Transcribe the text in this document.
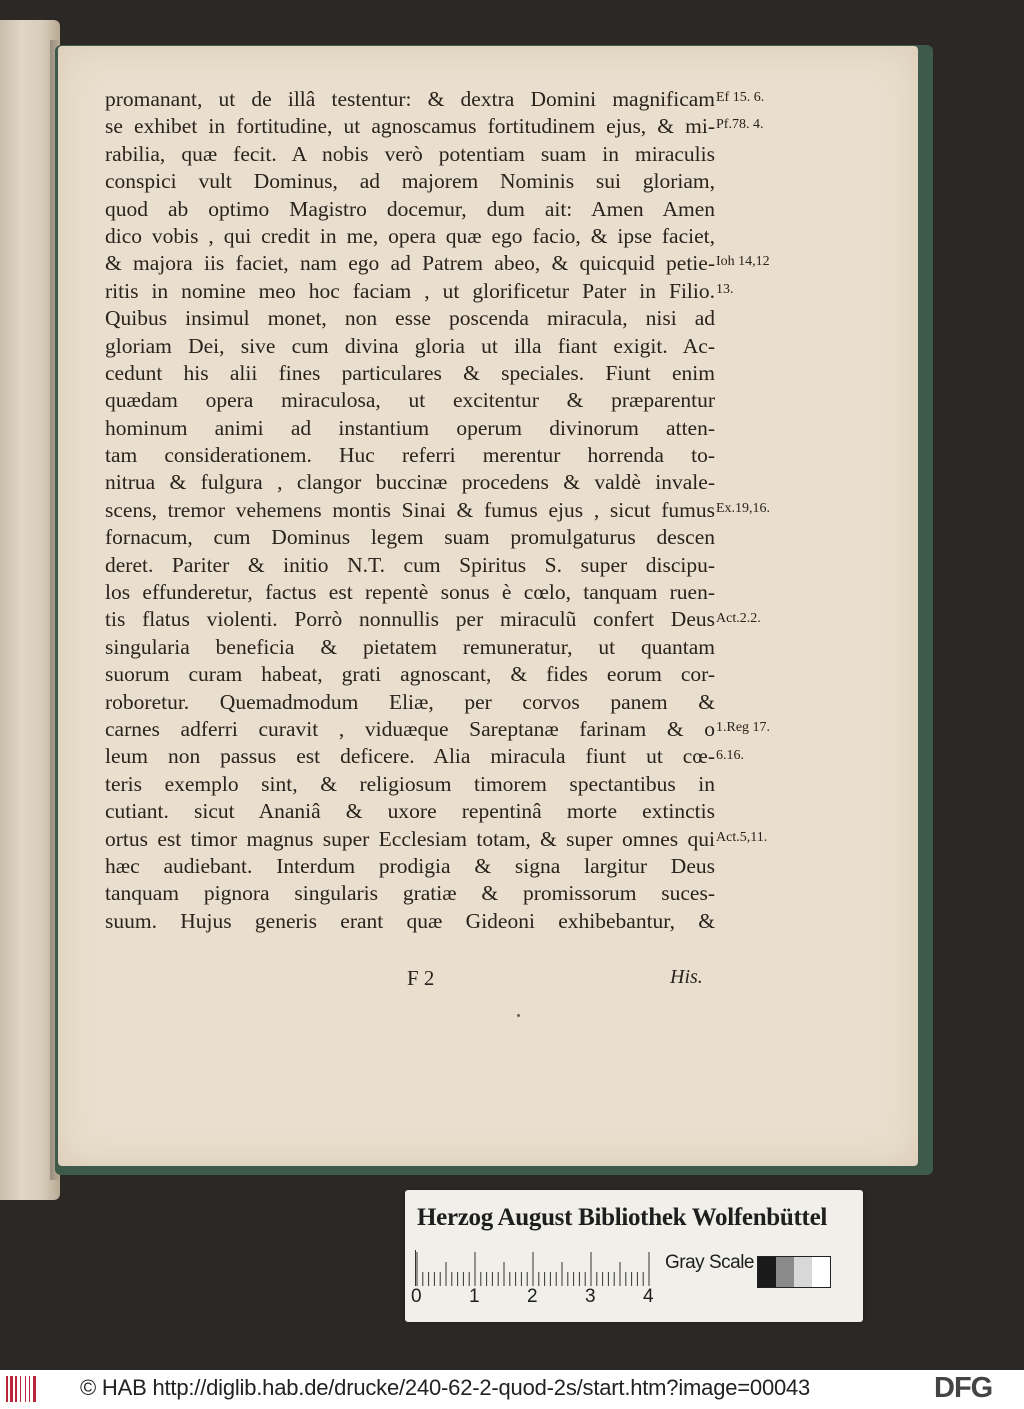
promanant, ut de illâ testentur: & dextra Domini magnificam
se exhibet in fortitudine, ut agnoscamus fortitudinem ejus, & mi-
rabilia, quæ fecit. A nobis verò potentiam suam in miraculis
conspici vult Dominus, ad majorem Nominis sui gloriam,
quod ab optimo Magistro docemur, dum ait: Amen Amen
dico vobis , qui credit in me, opera quæ ego facio, & ipse faciet,
& majora iis faciet, nam ego ad Patrem abeo, & quicquid petie-
ritis in nomine meo hoc faciam , ut glorificetur Pater in Filio.
Quibus insimul monet, non esse poscenda miracula, nisi ad
gloriam Dei, sive cum divina gloria ut illa fiant exigit. Ac-
cedunt his alii fines particulares & speciales. Fiunt enim
quædam opera miraculosa, ut excitentur & præparentur
hominum animi ad instantium operum divinorum atten-
tam considerationem. Huc referri merentur horrenda to-
nitrua & fulgura , clangor buccinæ procedens & valdè invale-
scens, tremor vehemens montis Sinai & fumus ejus , sicut fumus
fornacum, cum Dominus legem suam promulgaturus descen
deret. Pariter & initio N.T. cum Spiritus S. super discipu-
los effunderetur, factus est repentè sonus è cœlo, tanquam ruen-
tis flatus violenti. Porrò nonnullis per miraculũ confert Deus
singularia beneficia & pietatem remuneratur, ut quantam
suorum curam habeat, grati agnoscant, & fides eorum cor-
roboretur. Quemadmodum Eliæ, per corvos panem &
carnes adferri curavit , viduæque Sareptanæ farinam & o
leum non passus est deficere. Alia miracula fiunt ut cœ-
teris exemplo sint, & religiosum timorem spectantibus in
cutiant. sicut Ananiâ & uxore repentinâ morte extinctis
ortus est timor magnus super Ecclesiam totam, & super omnes qui
hæc audiebant. Interdum prodigia & signa largitur Deus
tanquam pignora singularis gratiæ & promissorum suces-
suum. Hujus generis erant quæ Gideoni exhibebantur, &
Ef 15. 6.
Pf.78. 4.
Ioh 14,12
13.
Ex.19,16.
Act.2.2.
1.Reg 17.
6.16.
Act.5,11.
F 2	His.
Herzog August Bibliothek Wolfenbüttel
0 1 2 3 4
Gray Scale
© HAB http://diglib.hab.de/drucke/240-62-2-quod-2s/start.htm?image=00043	DFG
